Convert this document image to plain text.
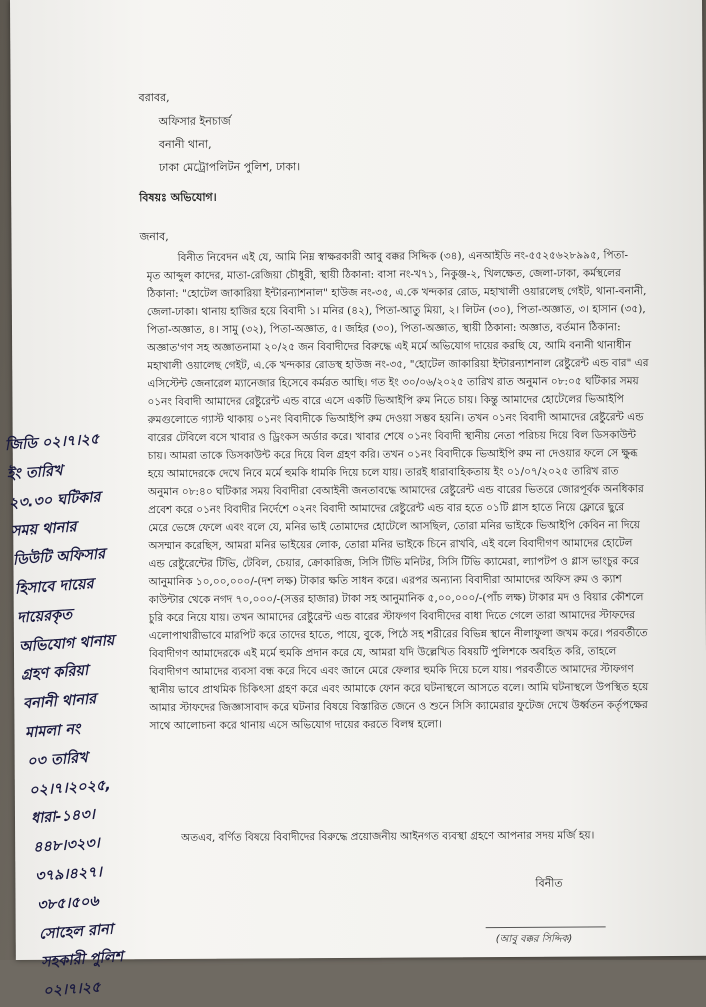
বরাবর,
অফিসার ইনচার্জ
বনানী থানা,
ঢাকা মেট্রোপলিটন পুলিশ, ঢাকা।
বিষয়ঃ অভিযোগ।
জনাব,
বিনীত নিবেদন এই যে, আমি নিম্ন স্বাক্ষরকারী আবু বক্কর সিদ্দিক (৩৪), এনআইডি নং-৫৫২৫৬২৮৯৯৫, পিতা-
মৃত আব্দুল কাদের, মাতা-রেজিয়া চৌধুরী, স্থায়ী ঠিকানা: বাসা নং-খ৭১, নিকুঞ্জ-২, খিলক্ষেত, জেলা-ঢাকা, কর্মস্থলের
ঠিকানা: "হোটেল জাকারিয়া ইন্টারন্যাশনাল" হাউজ নং-৩৫, এ.কে খন্দকার রোড, মহাখালী ওয়ারলেছ গেইট, থানা-বনানী,
জেলা-ঢাকা। থানায় হাজির হয়ে বিবাদী ১। মনির (৪২), পিতা-আতু মিয়া, ২। লিটন (৩০), পিতা-অজ্ঞাত, ৩। হাসান (৩৫),
পিতা-অজ্ঞাত, ৪। সামু (৩২), পিতা-অজ্ঞাত, ৫। জহির (৩০), পিতা-অজ্ঞাত, স্থায়ী ঠিকানা: অজ্ঞাত, বর্তমান ঠিকানা:
অজ্ঞাত'গণ সহ অজ্ঞাতনামা ২০/২৫ জন বিবাদীদের বিরুদ্ধে এই মর্মে অভিযোগ দায়ের করছি যে, আমি বনানী থানাধীন
মহাখালী ওয়ালেছ গেইট, এ.কে খন্দকার রোডস্থ হাউজ নং-৩৫, "হোটেল জাকারিয়া ইন্টারন্যাশনাল রেষ্টুরেন্ট এন্ড বার" এর
এসিস্টেন্ট জেনারেল ম্যানেজার হিসেবে কর্মরত আছি। গত ইং ৩০/০৬/২০২৫ তারিখ রাত অনুমান ০৮:০৫ ঘটিকার সময়
০১নং বিবাদী আমাদের রেষ্টুরেন্ট এন্ড বারে এসে একটি ভিআইপি রুম নিতে চায়। কিন্তু আমাদের হোটেলের ভিআইপি
রুমগুলোতে গ্যাস্ট থাকায় ০১নং বিবাদীকে ভিআইপি রুম দেওয়া সম্ভব হয়নি। তখন ০১নং বিবাদী আমাদের রেষ্টুরেন্ট এন্ড
বারের টেবিলে বসে খাবার ও ড্রিংকস অর্ডার করে। খাবার শেষে ০১নং বিবাদী স্থানীয় নেতা পরিচয় দিয়ে বিল ডিসকাউন্ট
চায়। আমরা তাকে ডিসকাউন্ট করে দিয়ে বিল গ্রহণ করি। তখন ০১নং বিবাদীকে ভিআইপি রুম না দেওয়ার ফলে সে ক্ষুব্ধ
হয়ে আমাদেরকে দেখে নিবে মর্মে হুমকি ধামকি দিয়ে চলে যায়। তারই ধারাবাহিকতায় ইং ০১/০৭/২০২৫ তারিখ রাত
অনুমান ০৮:৪০ ঘটিকার সময় বিবাদীরা বেআইনী জনতাবদ্ধে আমাদের রেষ্টুরেন্ট এন্ড বারের ভিতরে জোরপূর্বক অনধিকার
প্রবেশ করে ০১নং বিবাদীর নির্দেশে ০২নং বিবাদী আমাদের রেষ্টুরেন্ট এন্ড বার হতে ০১টি গ্লাস হাতে নিয়ে ফ্লোরে ছুরে
মেরে ভেঙ্গে ফেলে এবং বলে যে, মনির ভাই তোমাদের হোটেলে আসছিল, তোরা মনির ভাইকে ভিআইপি কেবিন না দিয়ে
অসম্মান করেছিস, আমরা মনির ভাইয়ের লোক, তোরা মনির ভাইকে চিনে রাখবি, এই বলে বিবাদীগণ আমাদের হোটেল
এন্ড রেষ্টুরেন্টের টিভি, টেবিল, চেয়ার, ক্রোকারিজ, সিসি টিভি মনিটর, সিসি টিভি ক্যামেরা, ল্যাপটপ ও গ্লাস ভাংচুর করে
আনুমানিক ১০,০০,০০০/-(দশ লক্ষ) টাকার ক্ষতি সাধন করে। এরপর অন্যান্য বিবাদীরা আমাদের অফিস রুম ও ক্যাশ
কাউন্টার থেকে নগদ ৭০,০০০/-(সত্তর হাজার) টাকা সহ আনুমানিক ৫,০০,০০০/-(পাঁচ লক্ষ) টাকার মদ ও বিয়ার কৌশলে
চুরি করে নিয়ে যায়। তখন আমাদের রেষ্টুরেন্ট এন্ড বারের স্টাফগণ বিবাদীদের বাধা দিতে গেলে তারা আমাদের স্টাফদের
এলোপাথারীভাবে মারপিট করে তাদের হাতে, পায়ে, বুকে, পিঠে সহ শরীরের বিভিন্ন স্থানে নীলাফুলা জখম করে। পরবর্তীতে
বিবাদীগণ আমাদেরকে এই মর্মে হুমকি প্রদান করে যে, আমরা যদি উল্লেখিত বিষয়টি পুলিশকে অবহিত করি, তাহলে
বিবাদীগণ আমাদের ব্যবসা বন্ধ করে দিবে এবং জানে মেরে ফেলার হুমকি দিয়ে চলে যায়। পরবর্তীতে আমাদের স্টাফগণ
স্থানীয় ভাবে প্রাথমিক চিকিৎসা গ্রহণ করে এবং আমাকে ফোন করে ঘটনাস্থলে আসতে বলে। আমি ঘটনাস্থলে উপস্থিত হয়ে
আমার স্টাফদের জিজ্ঞাসাবাদ করে ঘটনার বিষয়ে বিস্তারিত জেনে ও শুনে সিসি ক্যামেরার ফুটেজ দেখে উর্ধ্বতন কর্তৃপক্ষের
সাথে আলোচনা করে থানায় এসে অভিযোগ দায়ের করতে বিলম্ব হলো।
অতএব, বর্ণিত বিষয়ে বিবাদীদের বিরুদ্ধে প্রয়োজনীয় আইনগত ব্যবস্থা গ্রহণে আপনার সদয় মর্জি হয়।
বিনীত
(আবু বক্কর সিদ্দিক)
জিডি ০২।৭।২৫
ইং তারিখ
২৩.৩০ ঘটিকার
সময় থানার
ডিউটি অফিসার
হিসাবে দায়ের
দায়েরকৃত
অভিযোগ থানায়
গ্রহণ করিয়া
বনানী থানার
মামলা নং
০৩ তারিখ
০২।৭।২০২৫,
ধারা-১৪৩।
৪৪৮।৩২৩।
৩৭৯।৪২৭।
৩৮৫।৫০৬
সোহেল রানা
সহকারী পুলিশ
০২।৭।২৫
